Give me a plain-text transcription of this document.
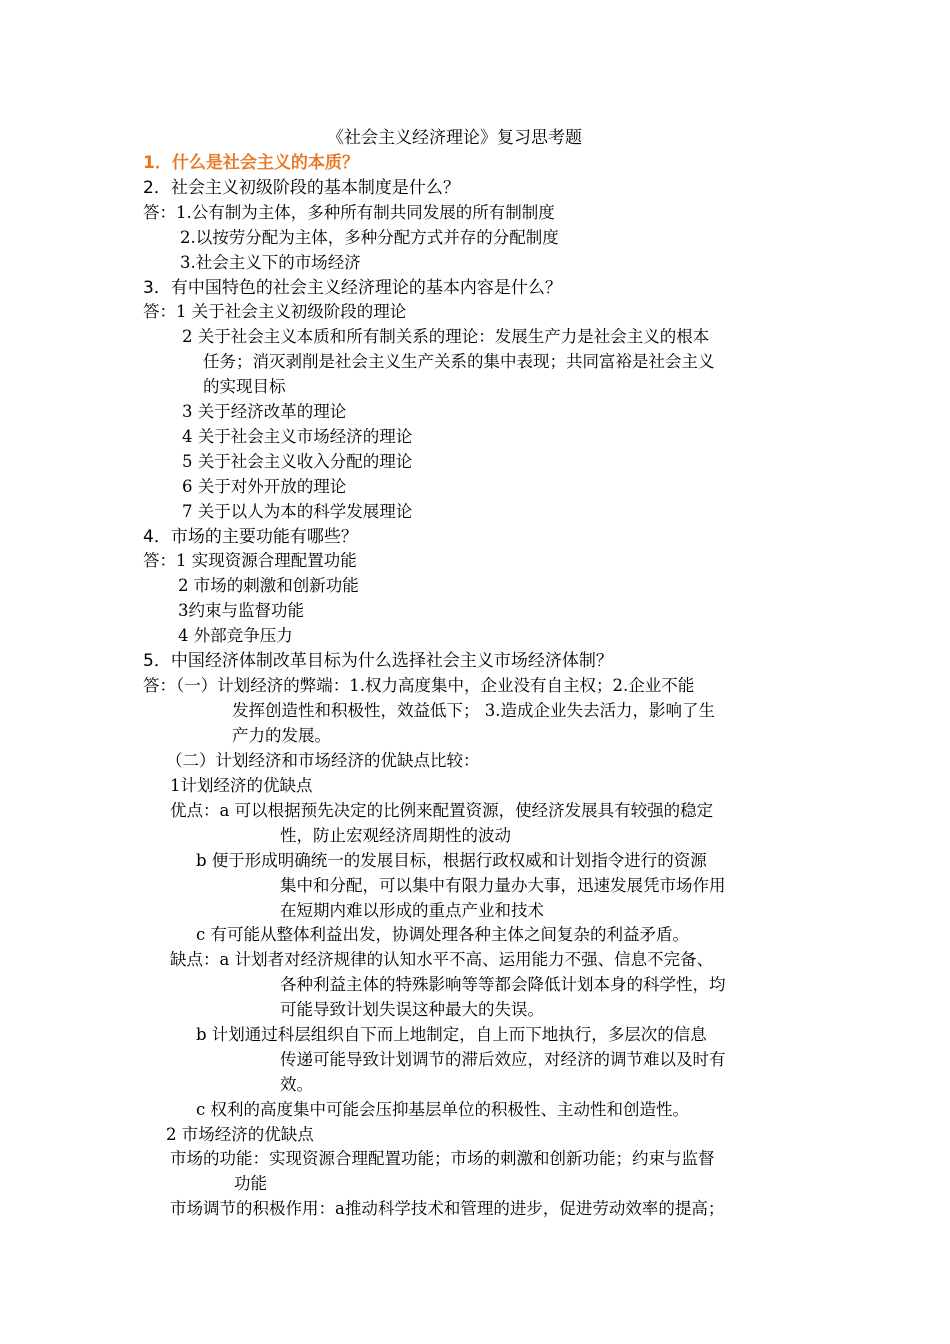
《社会主义经济理论》复习思考题
1．什么是社会主义的本质？
2．社会主义初级阶段的基本制度是什么？
答：1.公有制为主体，多种所有制共同发展的所有制制度
2.以按劳分配为主体，多种分配方式并存的分配制度
3.社会主义下的市场经济
3．有中国特色的社会主义经济理论的基本内容是什么？
答：1 关于社会主义初级阶段的理论
2 关于社会主义本质和所有制关系的理论：发展生产力是社会主义的根本
任务；消灭剥削是社会主义生产关系的集中表现；共同富裕是社会主义
的实现目标
3 关于经济改革的理论
4 关于社会主义市场经济的理论
5 关于社会主义收入分配的理论
6 关于对外开放的理论
7 关于以人为本的科学发展理论
4．市场的主要功能有哪些？
答：1 实现资源合理配置功能
2 市场的刺激和创新功能
3约束与监督功能
4 外部竞争压力
5．中国经济体制改革目标为什么选择社会主义市场经济体制？
答：（一）计划经济的弊端：1.权力高度集中，企业没有自主权；2.企业不能
发挥创造性和积极性，效益低下； 3.造成企业失去活力，影响了生
产力的发展。
（二）计划经济和市场经济的优缺点比较：
1计划经济的优缺点
优点：a 可以根据预先决定的比例来配置资源，使经济发展具有较强的稳定
性，防止宏观经济周期性的波动
b 便于形成明确统一的发展目标，根据行政权威和计划指令进行的资源
集中和分配，可以集中有限力量办大事，迅速发展凭市场作用
在短期内难以形成的重点产业和技术
c 有可能从整体利益出发，协调处理各种主体之间复杂的利益矛盾。
缺点：a 计划者对经济规律的认知水平不高、运用能力不强、信息不完备、
各种利益主体的特殊影响等等都会降低计划本身的科学性，均
可能导致计划失误这种最大的失误。
b 计划通过科层组织自下而上地制定，自上而下地执行，多层次的信息
传递可能导致计划调节的滞后效应，对经济的调节难以及时有
效。
c 权利的高度集中可能会压抑基层单位的积极性、主动性和创造性。
2 市场经济的优缺点
市场的功能：实现资源合理配置功能；市场的刺激和创新功能；约束与监督
功能
市场调节的积极作用：a推动科学技术和管理的进步，促进劳动效率的提高；
